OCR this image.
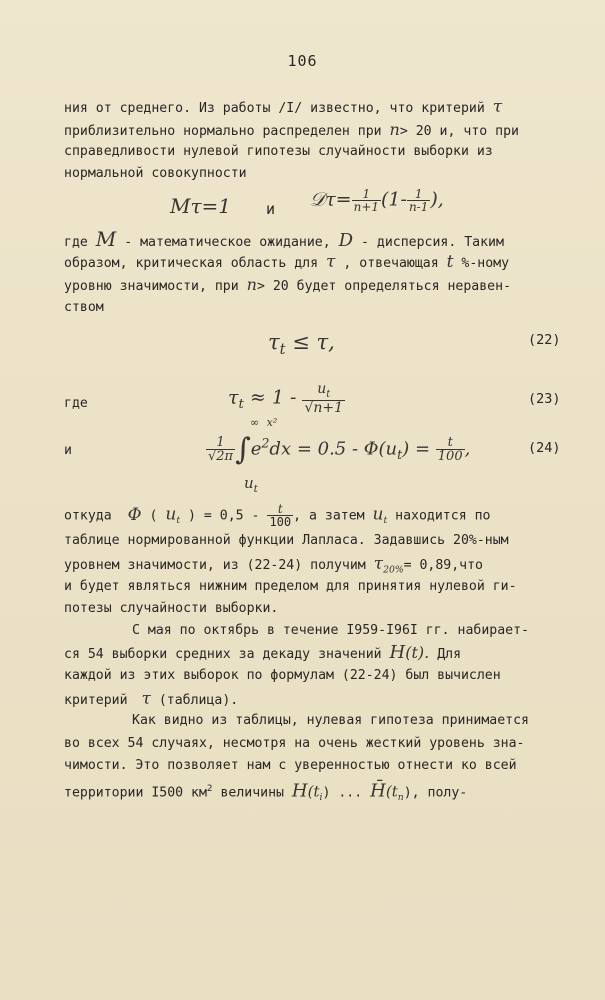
106
ния от среднего. Из работы /I/ известно, что критерий τ
приблизительно нормально распределен при n> 20 и, что при
справедливости нулевой гипотезы случайности выборки из
нормальной совокупности
Mτ=1 и 𝒟τ= $\frac{1}{n+1} (1- \frac{1}{n-1}$ ),
где M - математическое ожидание, D - дисперсия. Таким
образом, критическая область для τ , отвечающая t %-ному
уровню значимости, при n> 20 будет определяться неравен-
ством
$\tau_t \le \tau$,	(22)
где	$\tau_t \approx 1 - \frac{u_t}{√n+1}$	(23)
и
∞ x²
$\frac{1}{√2\pi} \int e^2dx = 0.5 - \Phi(u_t) = \frac{t}{100}$ ,
$u_t$
(24)
откуда Φ ( $u_t$ ) = $0,5 - \frac{t}{100}$ , а затем $u_t$ находится по
таблице нормированной функции Лапласа. Задавшись 20%-ным
уровнем значимости, из (22-24) получим $\tau_{20\%}= 0,89,что$
и будет являться нижним пределом для принятия нулевой ги-
потезы случайности выборки.
С мая по октябрь в течение I959-I96I гг. набирает-
ся 54 выборки средних за декаду значений H(t). Для
каждой из этих выборок по формулам (22-24) был вычислен
критерий τ (таблица).
Как видно из таблицы, нулевая гипотеза принимается
во всех 54 случаях, несмотря на очень жесткий уровень зна-
чимости. Это позволяет нам с уверенностью отнести ко всей
территории I500 $км^2$ величины $H(t_i)$ ... $H̄(t_n)$, полу-
